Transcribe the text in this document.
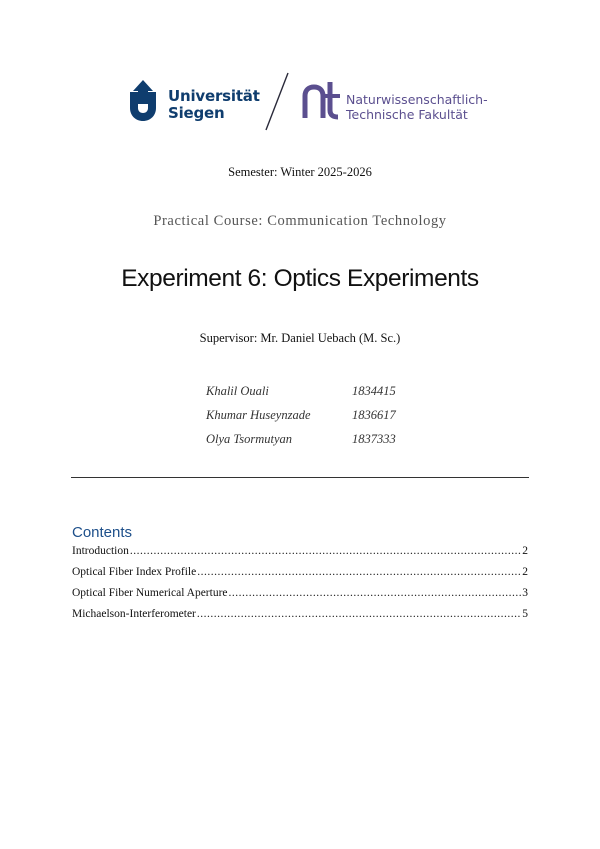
Universität
Siegen
Naturwissenschaftlich-
Technische Fakultät
Semester: Winter 2025-2026
Practical Course: Communication Technology
Experiment 6: Optics Experiments
Supervisor: Mr. Daniel Uebach (M. Sc.)
Khalil Ouali	1834415
Khumar Huseynzade	1836617
Olya Tsormutyan	1837333
Contents
Introduction .....	2
Optical Fiber Index Profile .....	2
Optical Fiber Numerical Aperture .....	3
Michaelson-Interferometer .....	5
